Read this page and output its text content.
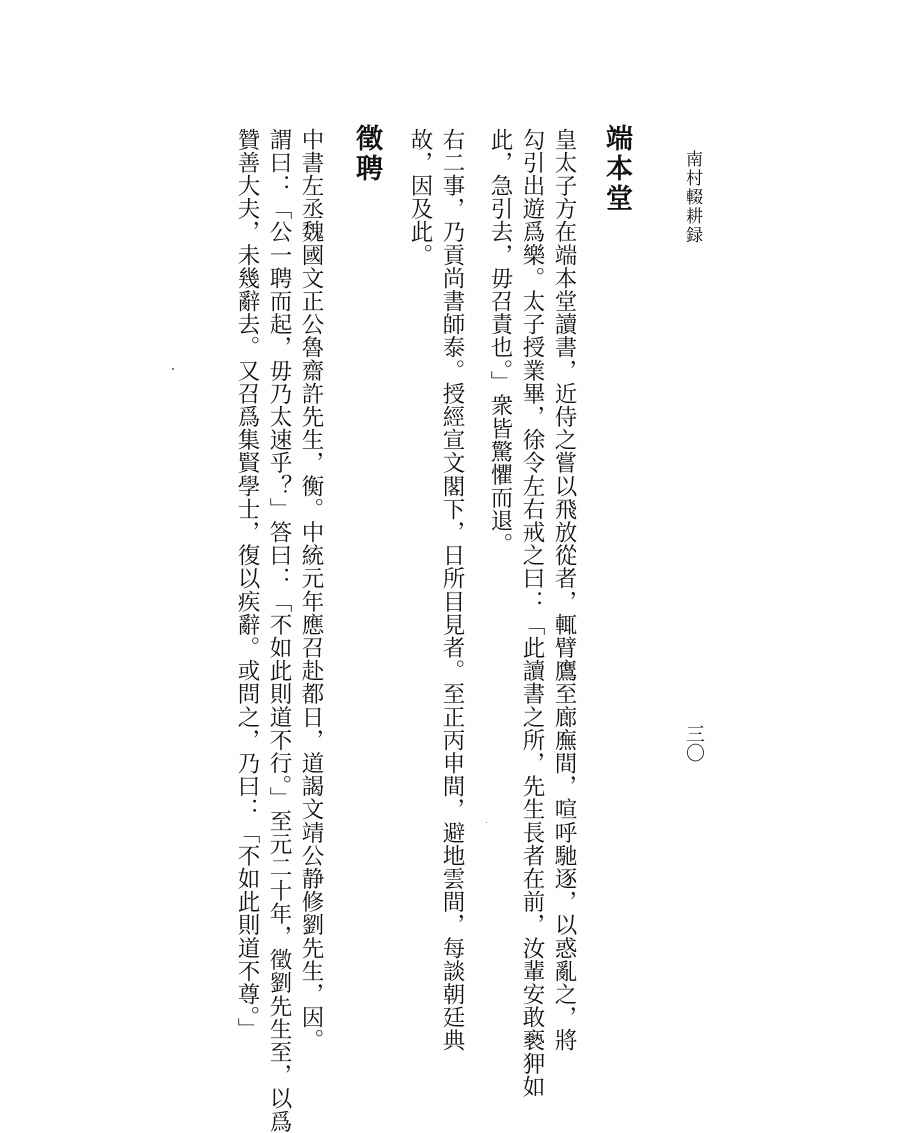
南村輟耕録
三〇
端本堂
皇太子方在端本堂讀書，近侍之嘗以飛放從者，輒臂鷹至廊廡間，喧呼馳逐，以惑亂之，將
勾引出遊爲樂。太子授業畢，徐令左右戒之曰：「此讀書之所，先生長者在前，汝輩安敢褻狎如
此，急引去，毋召責也。」衆皆驚懼而退。
右二事，乃貢尚書師泰。授經宣文閣下，日所目見者。至正丙申間，避地雲間，每談朝廷典
故，因及此。
徵聘
中書左丞魏國文正公魯齋許先生，衡。中統元年應召赴都日，道謁文靖公静修劉先生，因。
謂曰：「公一聘而起，毋乃太速乎？」答曰：「不如此則道不行。」至元二十年，徵劉先生至，以爲
贊善大夫，未幾辭去。又召爲集賢學士，復以疾辭。或問之，乃曰：「不如此則道不尊。」
